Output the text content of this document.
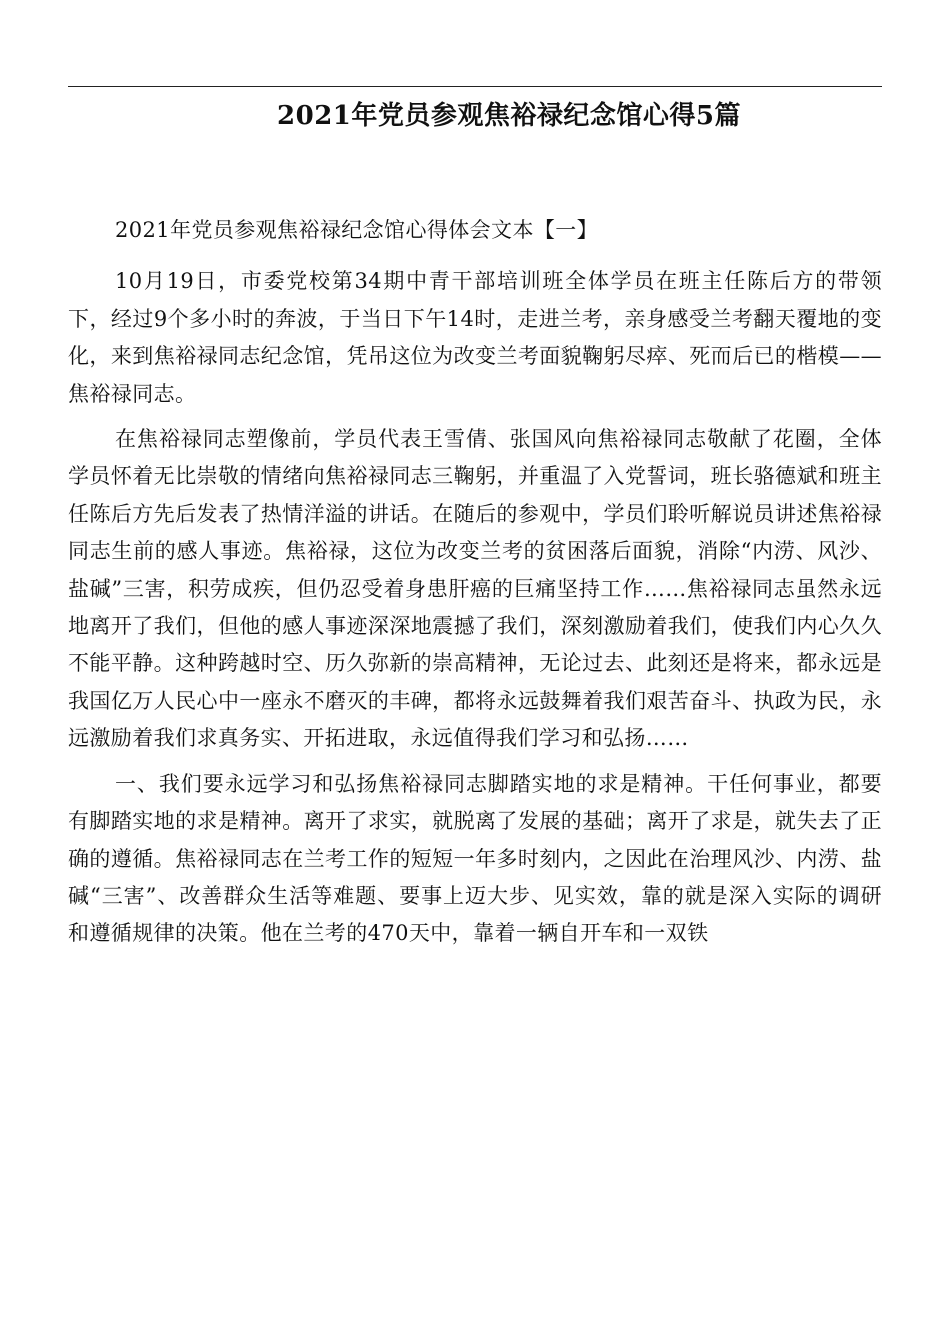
2021年党员参观焦裕禄纪念馆心得5篇

2021年党员参观焦裕禄纪念馆心得体会文本【一】

10月19日，市委党校第34期中青干部培训班全体学员在班主任陈后方的带领下，经过9个多小时的奔波，于当日下午14时，走进兰考，亲身感受兰考翻天覆地的变化，来到焦裕禄同志纪念馆，凭吊这位为改变兰考面貌鞠躬尽瘁、死而后已的楷模——焦裕禄同志。

在焦裕禄同志塑像前，学员代表王雪倩、张国风向焦裕禄同志敬献了花圈，全体学员怀着无比崇敬的情绪向焦裕禄同志三鞠躬，并重温了入党誓词，班长骆德斌和班主任陈后方先后发表了热情洋溢的讲话。在随后的参观中，学员们聆听解说员讲述焦裕禄同志生前的感人事迹。焦裕禄，这位为改变兰考的贫困落后面貌，消除“内涝、风沙、盐碱”三害，积劳成疾，但仍忍受着身患肝癌的巨痛坚持工作……焦裕禄同志虽然永远地离开了我们，但他的感人事迹深深地震撼了我们，深刻激励着我们，使我们内心久久不能平静。这种跨越时空、历久弥新的崇高精神，无论过去、此刻还是将来，都永远是我国亿万人民心中一座永不磨灭的丰碑，都将永远鼓舞着我们艰苦奋斗、执政为民，永远激励着我们求真务实、开拓进取，永远值得我们学习和弘扬……

一、我们要永远学习和弘扬焦裕禄同志脚踏实地的求是精神。干任何事业，都要有脚踏实地的求是精神。离开了求实，就脱离了发展的基础；离开了求是，就失去了正确的遵循。焦裕禄同志在兰考工作的短短一年多时刻内，之因此在治理风沙、内涝、盐碱“三害”、改善群众生活等难题、要事上迈大步、见实效，靠的就是深入实际的调研和遵循规律的决策。他在兰考的470天中，靠着一辆自开车和一双铁
